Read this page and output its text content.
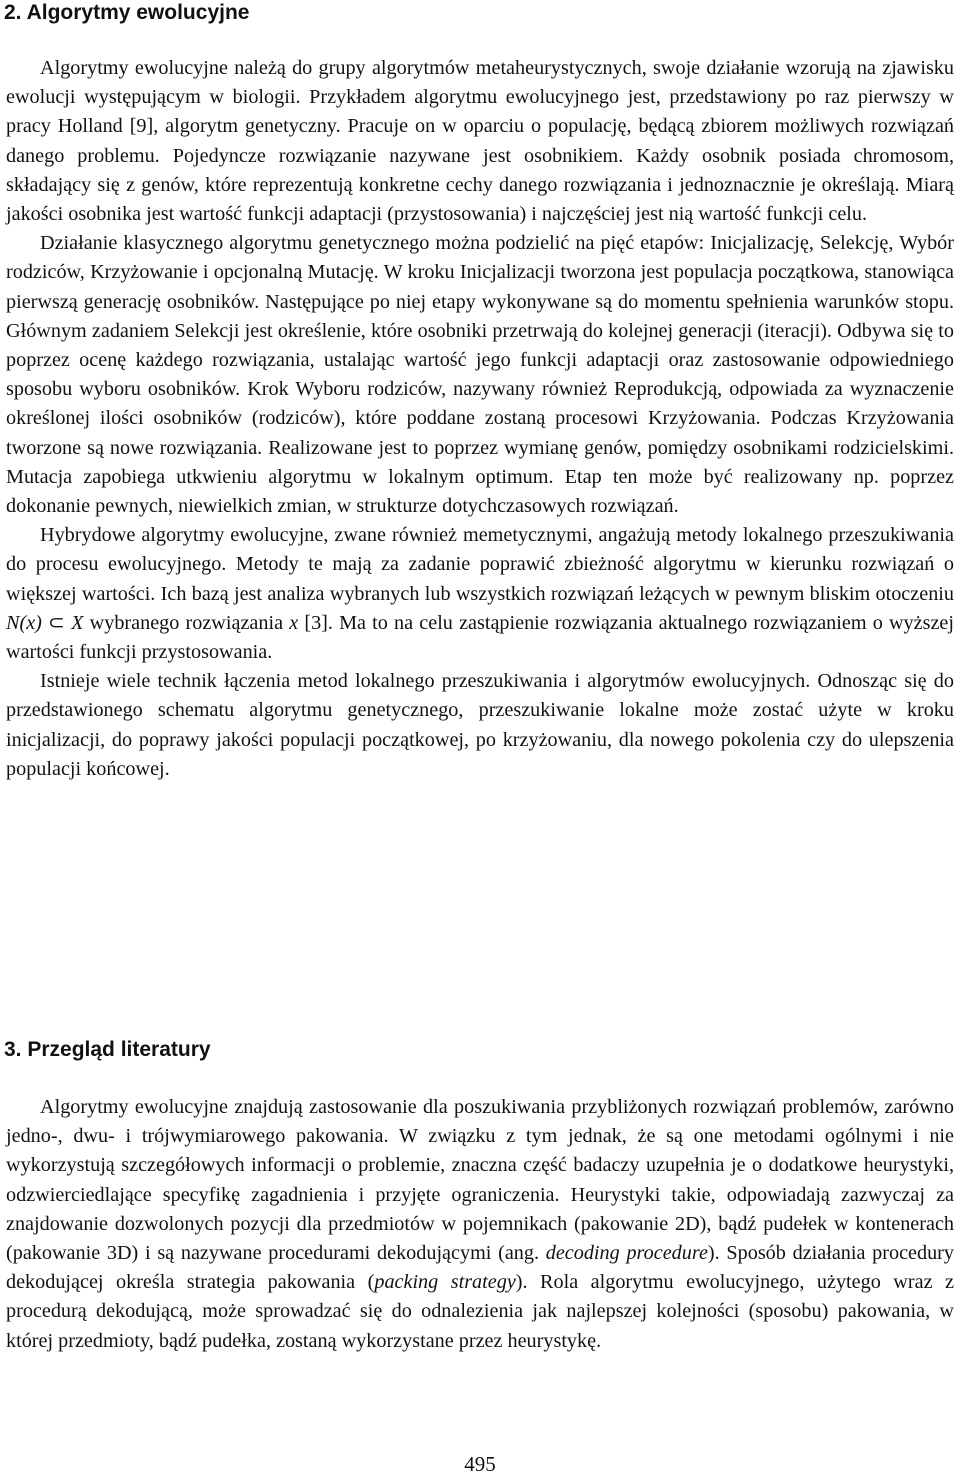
2. Algorytmy ewolucyjne

Algorytmy ewolucyjne należą do grupy algorytmów metaheurystycznych, swoje działanie wzorują na zjawisku ewolucji występującym w biologii. Przykładem algorytmu ewolucyjnego jest, przedstawiony po raz pierwszy w pracy Holland [9], algorytm genetyczny. Pracuje on w oparciu o populację, będącą zbiorem możliwych rozwiązań danego problemu. Pojedyncze rozwiązanie nazywane jest osobnikiem. Każdy osobnik posiada chromosom, składający się z genów, które reprezentują konkretne cechy danego rozwiązania i jednoznacznie je określają. Miarą jakości osobnika jest wartość funkcji adaptacji (przystosowania) i najczęściej jest nią wartość funkcji celu.

Działanie klasycznego algorytmu genetycznego można podzielić na pięć etapów: Inicjalizację, Selekcję, Wybór rodziców, Krzyżowanie i opcjonalną Mutację. W kroku Inicjalizacji tworzona jest populacja początkowa, stanowiąca pierwszą generację osobników. Następujące po niej etapy wykonywane są do momentu spełnienia warunków stopu. Głównym zadaniem Selekcji jest określenie, które osobniki przetrwają do kolejnej generacji (iteracji). Odbywa się to poprzez ocenę każdego rozwiązania, ustalając wartość jego funkcji adaptacji oraz zastosowanie odpowiedniego sposobu wyboru osobników. Krok Wyboru rodziców, nazywany również Reprodukcją, odpowiada za wyznaczenie określonej ilości osobników (rodziców), które poddane zostaną procesowi Krzyżowania. Podczas Krzyżowania tworzone są nowe rozwiązania. Realizowane jest to poprzez wymianę genów, pomiędzy osobnikami rodzicielskimi. Mutacja zapobiega utkwieniu algorytmu w lokalnym optimum. Etap ten może być realizowany np. poprzez dokonanie pewnych, niewielkich zmian, w strukturze dotychczasowych rozwiązań.

Hybrydowe algorytmy ewolucyjne, zwane również memetycznymi, angażują metody lokalnego przeszukiwania do procesu ewolucyjnego. Metody te mają za zadanie poprawić zbieżność algorytmu w kierunku rozwiązań o większej wartości. Ich bazą jest analiza wybranych lub wszystkich rozwiązań leżących w pewnym bliskim otoczeniu N(x) ⊂ X wybranego rozwiązania x [3]. Ma to na celu zastąpienie rozwiązania aktualnego rozwiązaniem o wyższej wartości funkcji przystosowania.

Istnieje wiele technik łączenia metod lokalnego przeszukiwania i algorytmów ewolucyjnych. Odnosząc się do przedstawionego schematu algorytmu genetycznego, przeszukiwanie lokalne może zostać użyte w kroku inicjalizacji, do poprawy jakości populacji początkowej, po krzyżowaniu, dla nowego pokolenia czy do ulepszenia populacji końcowej.

3. Przegląd literatury

Algorytmy ewolucyjne znajdują zastosowanie dla poszukiwania przybliżonych rozwiązań problemów, zarówno jedno-, dwu- i trójwymiarowego pakowania. W związku z tym jednak, że są one metodami ogólnymi i nie wykorzystują szczegółowych informacji o problemie, znaczna część badaczy uzupełnia je o dodatkowe heurystyki, odzwierciedlające specyfikę zagadnienia i przyjęte ograniczenia. Heurystyki takie, odpowiadają zazwyczaj za znajdowanie dozwolonych pozycji dla przedmiotów w pojemnikach (pakowanie 2D), bądź pudełek w kontenerach (pakowanie 3D) i są nazywane procedurami dekodującymi (ang. decoding procedure). Sposób działania procedury dekodującej określa strategia pakowania (packing strategy). Rola algorytmu ewolucyjnego, użytego wraz z procedurą dekodującą, może sprowadzać się do odnalezienia jak najlepszej kolejności (sposobu) pakowania, w której przedmioty, bądź pudełka, zostaną wykorzystane przez heurystykę.

495
